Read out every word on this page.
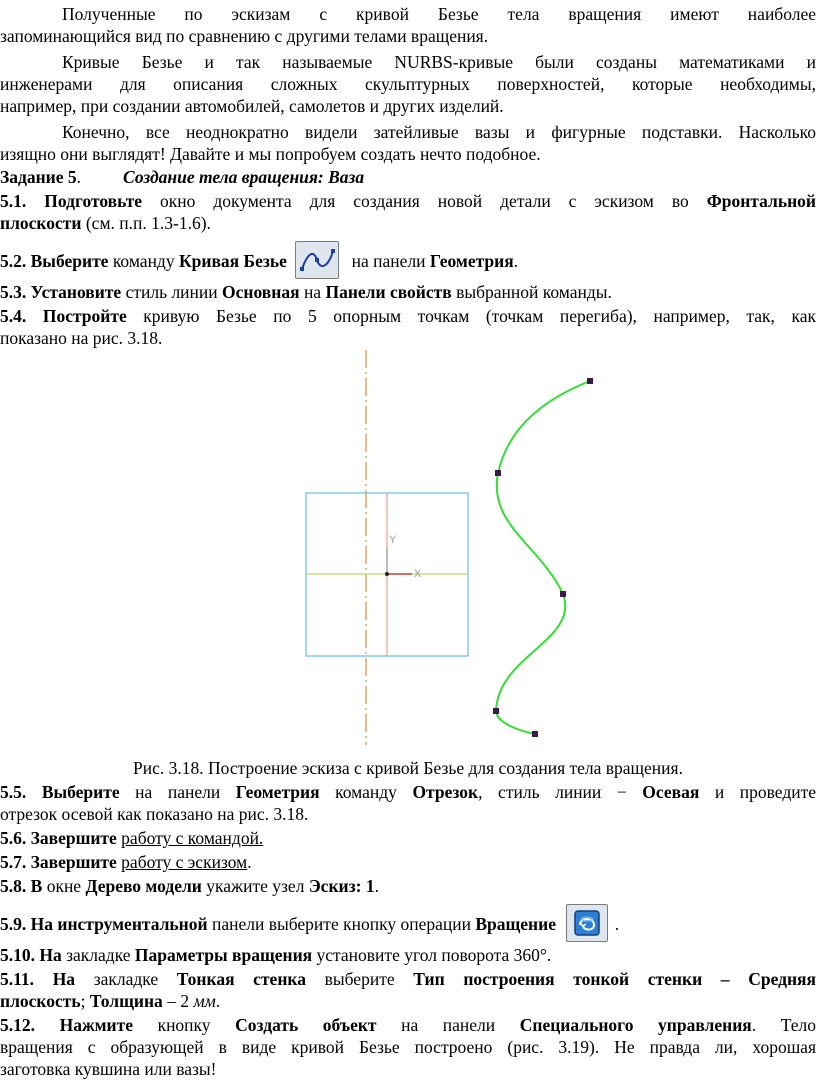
Полученные по эскизам с кривой Безье тела вращения имеют наиболее
запоминающийся вид по сравнению с другими телами вращения.
Кривые Безье и так называемые NURBS-кривые были созданы математиками и
инженерами для описания сложных скульптурных поверхностей, которые необходимы,
например, при создании автомобилей, самолетов и других изделий.
Конечно, все неоднократно видели затейливые вазы и фигурные подставки. Насколько
изящно они выглядят! Давайте и мы попробуем создать нечто подобное.
Задание 5. Создание тела вращения: Ваза
5.1. Подготовьте окно документа для создания новой детали с эскизом во Фронтальной
плоскости (см. п.п. 1.3-1.6).
5.2. Выберите команду Кривая Безье	на панели Геометрия.
5.3. Установите стиль линии Основная на Панели свойств выбранной команды.
5.4. Постройте кривую Безье по 5 опорным точкам (точкам перегиба), например, так, как
показано на рис. 3.18.
Y
X
Рис. 3.18. Построение эскиза с кривой Безье для создания тела вращения.
5.5. Выберите на панели Геометрия команду Отрезок, стиль линии − Осевая и проведите
отрезок осевой как показано на рис. 3.18.
5.6. Завершите работу с командой.
5.7. Завершите работу с эскизом.
5.8. В окне Дерево модели укажите узел Эскиз: 1.
5.9. На инструментальной панели выберите кнопку операции Вращение	.
5.10. На закладке Параметры вращения установите угол поворота 360°.
5.11. На закладке Тонкая стенка выберите Тип построения тонкой стенки – Средняя
плоскость; Толщина – 2 мм.
5.12. Нажмите кнопку Создать объект на панели Специального управления. Тело
вращения с образующей в виде кривой Безье построено (рис. 3.19). Не правда ли, хорошая
заготовка кувшина или вазы!
